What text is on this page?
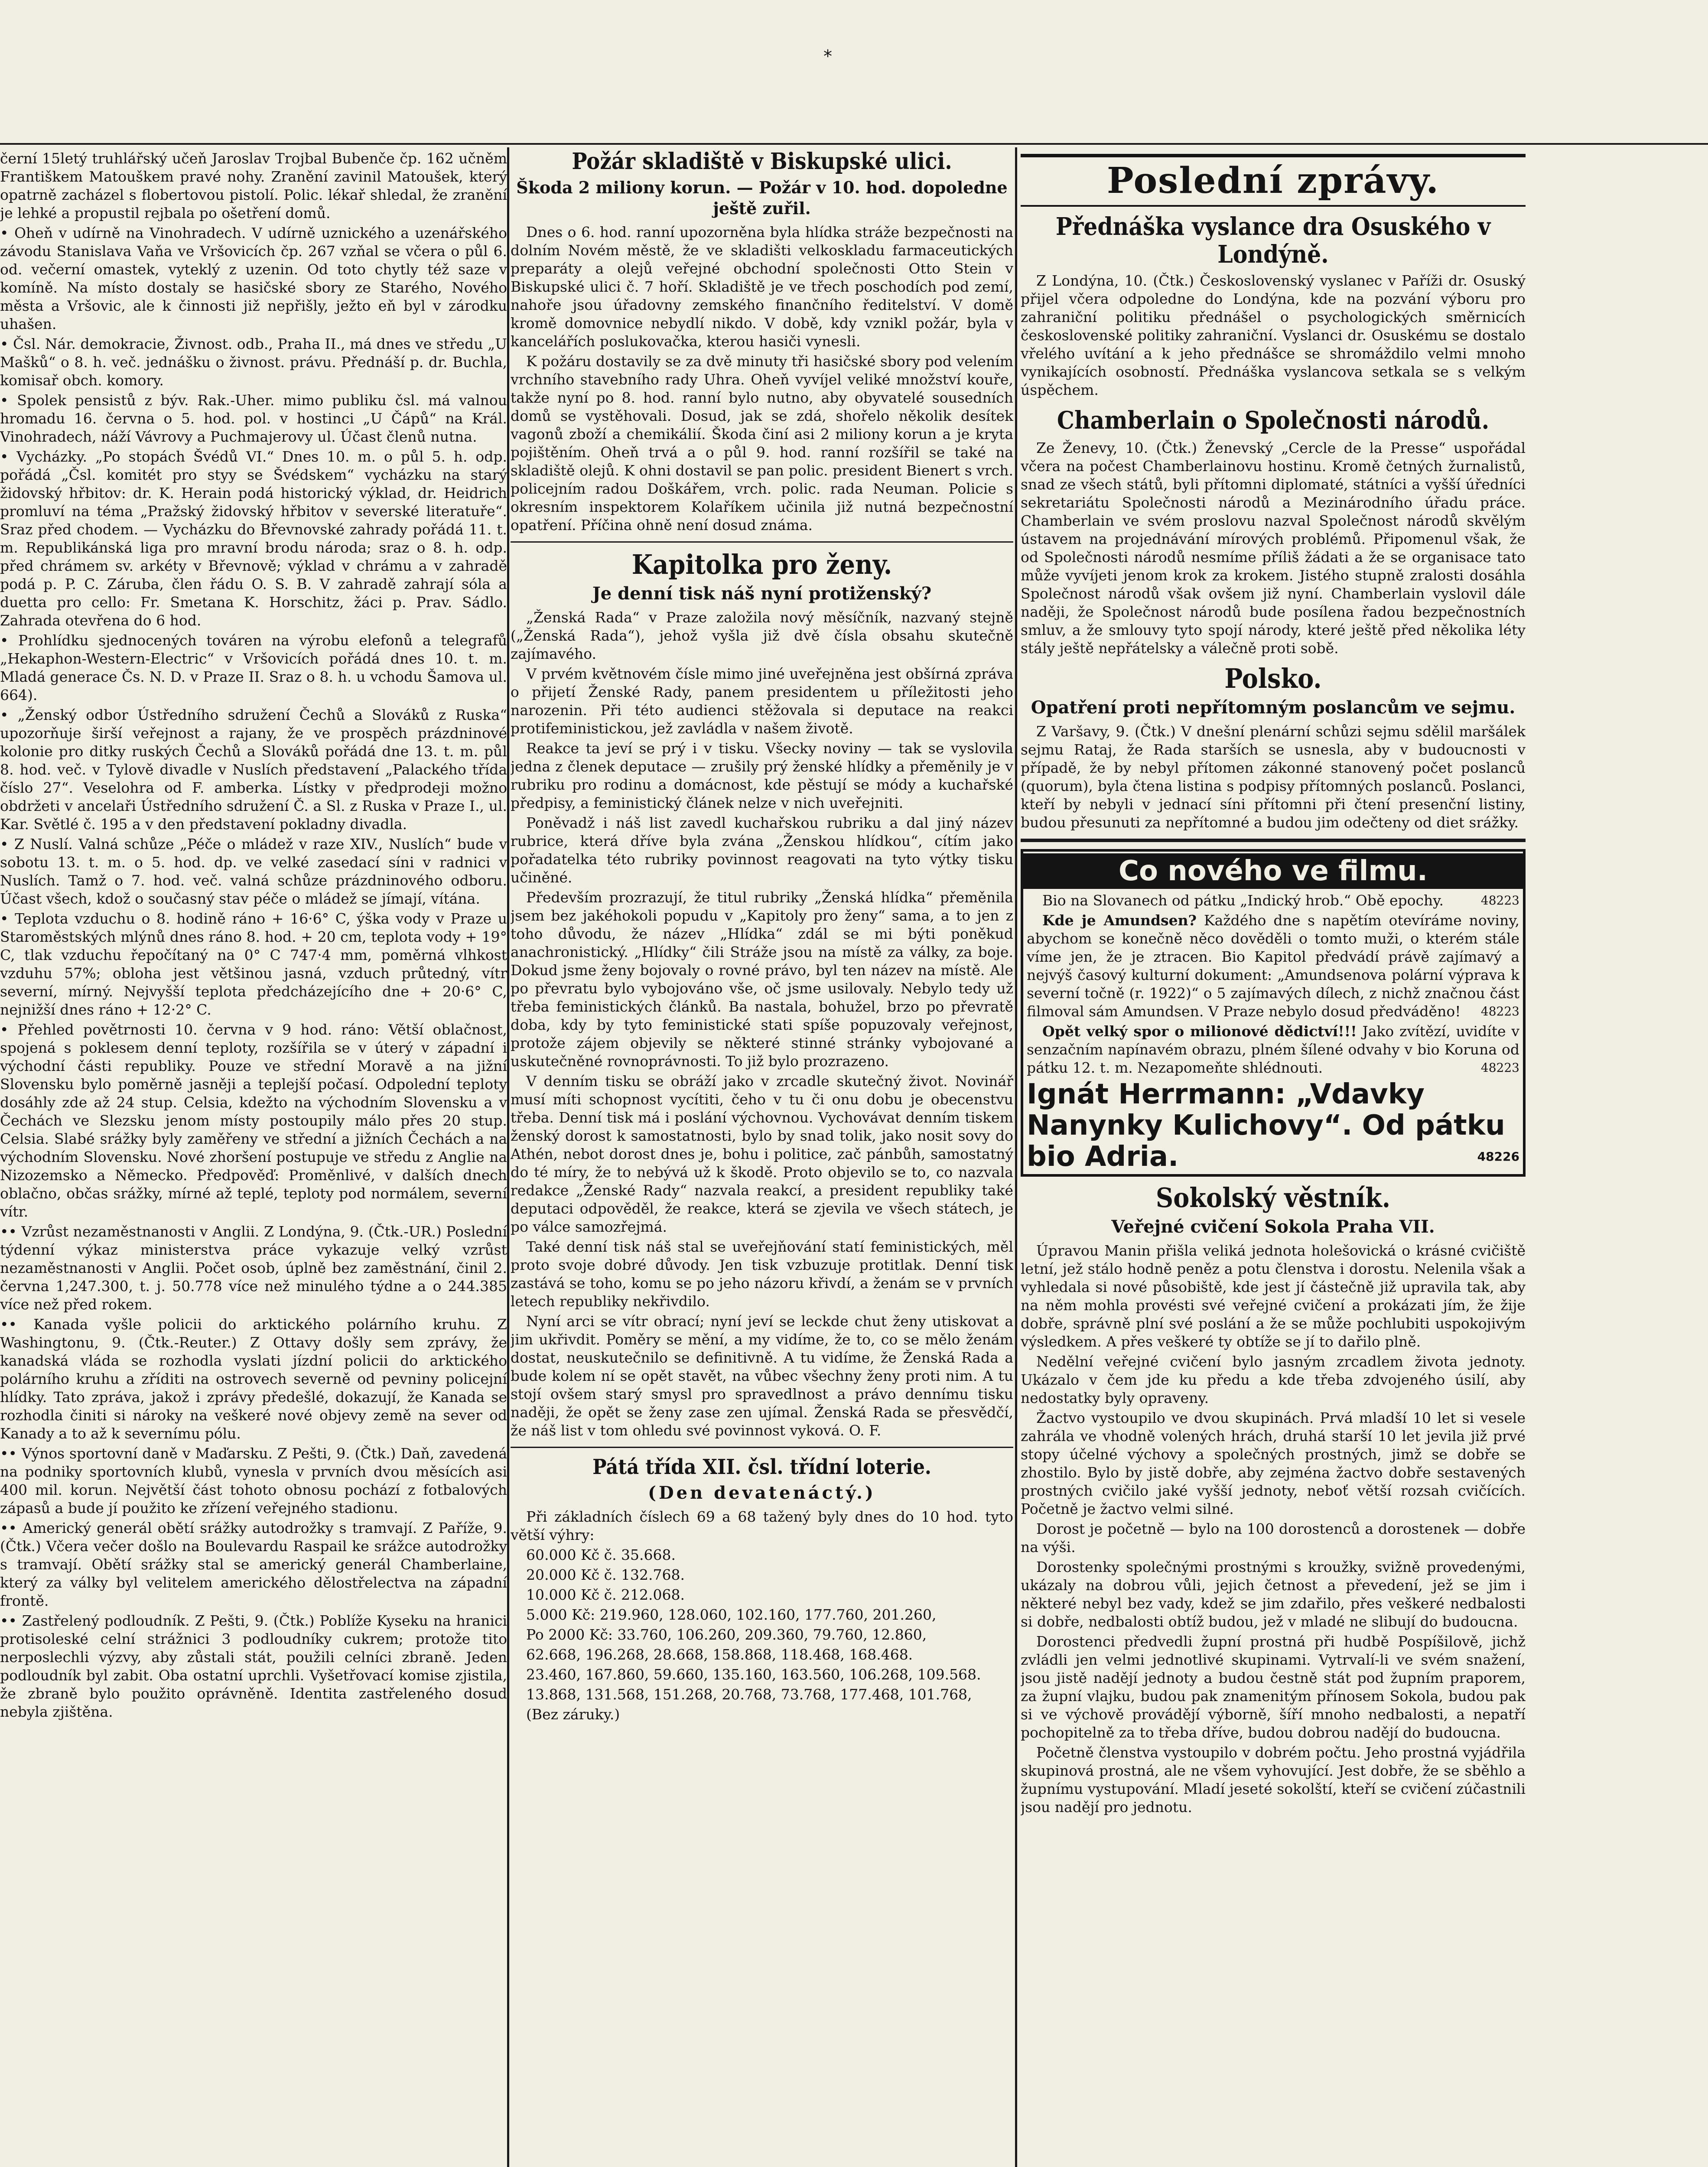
⁎

černí 15letý truhlářský učeň Jaroslav Trojbal Bubenče čp. 162 učněm Františkem Matouškem pravé nohy. Zranění zavinil Matoušek, který opatrně zacházel s flobertovou pistolí. Polic. lékař shledal, že zranění je lehké a propustil rejbala po ošetření domů.

• Oheň v udírně na Vinohradech. V udírně uznického a uzenářského závodu Stanislava Vaňa ve Vršovicích čp. 267 vzňal se včera o půl 6. od. večerní omastek, vyteklý z uzenin. Od toto chytly též saze v komíně. Na místo dostaly se hasičské sbory ze Starého, Nového města a Vršovic, ale k činnosti již nepřišly, ježto eň byl v zárodku uhašen.

• Čsl. Nár. demokracie, Živnost. odb., Praha II., má dnes ve středu „U Mašků“ o 8. h. več. jednášku o živnost. právu. Přednáší p. dr. Buchla, komisař obch. komory.

• Spolek pensistů z býv. Rak.-Uher. mimo publiku čsl. má valnou hromadu 16. června o 5. hod. pol. v hostinci „U Čápů“ na Král. Vinohradech, náží Vávrovy a Puchmajerovy ul. Účast členů nutna.

• Vycházky. „Po stopách Švédů VI.“ Dnes 10. m. o půl 5. h. odp. pořádá „Čsl. komitét pro styy se Švédskem“ vycházku na starý židovský hřbitov: dr. K. Herain podá historický výklad, dr. Heidrich promluví na téma „Pražský židovský hřbitov v severské literatuře“. Sraz před chodem. — Vycházku do Břevnovské zahrady pořádá 11. t. m. Republikánská liga pro mravní brodu národa; sraz o 8. h. odp. před chrámem sv. arkéty v Břevnově; výklad v chrámu a v zahradě podá p. P. C. Záruba, člen řádu O. S. B. V zahradě zahrají sóla a duetta pro cello: Fr. Smetana K. Horschitz, žáci p. Prav. Sádlo. Zahrada otevřena do 6 hod.

• Prohlídku sjednocených továren na výrobu elefonů a telegrafů „Hekaphon-Western-Electric“ v Vršovicích pořádá dnes 10. t. m. Mladá generace Čs. N. D. v Praze II. Sraz o 8. h. u vchodu Šamova ul. 664).

• „Ženský odbor Ústředního sdružení Čechů a Slováků z Ruska“ upozorňuje širší veřejnost a rajany, že ve prospěch prázdninové kolonie pro ditky ruských Čechů a Slováků pořádá dne 13. t. m. půl 8. hod. več. v Tylově divadle v Nuslích představení „Palackého třída číslo 27“. Veselohra od F. amberka. Lístky v předprodeji možno obdržeti v ancelaři Ústředního sdružení Č. a Sl. z Ruska v Praze I., ul. Kar. Světlé č. 195 a v den představení pokladny divadla.

• Z Nuslí. Valná schůze „Péče o mládež v raze XIV., Nuslích“ bude v sobotu 13. t. m. o 5. hod. dp. ve velké zasedací síni v radnici v Nuslích. Tamž o 7. hod. več. valná schůze prázdninového odboru. Účast všech, kdož o současný stav péče o mládež se jímají, vítána.

• Teplota vzduchu o 8. hodině ráno + 16·6° C, ýška vody v Praze u Staroměstských mlýnů dnes ráno 8. hod. + 20 cm, teplota vody + 19° C, tlak vzduchu řepočítaný na 0° C 747·4 mm, poměrná vlhkost vzduhu 57%; obloha jest většinou jasná, vzduch průtedný, vítr severní, mírný. Nejvyšší teplota předcházejícího dne + 20·6° C, nejnižší dnes ráno + 12·2° C.

• Přehled povětrnosti 10. června v 9 hod. ráno: Větší oblačnost, spojená s poklesem denní teploty, rozšířila se v úterý v západní i východní části republiky. Pouze ve střední Moravě a na jižní Slovensku bylo poměrně jasněji a teplejší počasí. Odpolední teploty dosáhly zde až 24 stup. Celsia, kdežto na východním Slovensku a v Čechách ve Slezsku jenom místy postoupily málo přes 20 stup. Celsia. Slabé srážky byly zaměřeny ve střední a jižních Čechách a na východním Slovensku. Nové zhoršení postupuje ve středu z Anglie na Nizozemsko a Německo. Předpověď: Proměnlivé, v dalších dnech oblačno, občas srážky, mírné až teplé, teploty pod normálem, severní vítr.

•• Vzrůst nezaměstnanosti v Anglii. Z Londýna, 9. (Čtk.-UR.) Poslední týdenní výkaz ministerstva práce vykazuje velký vzrůst nezaměstnanosti v Anglii. Počet osob, úplně bez zaměstnání, činil 2. června 1,247.300, t. j. 50.778 více než minulého týdne a o 244.385 více než před rokem.

•• Kanada vyšle policii do arktického polárního kruhu. Z Washingtonu, 9. (Čtk.-Reuter.) Z Ottavy došly sem zprávy, že kanadská vláda se rozhodla vyslati jízdní policii do arktického polárního kruhu a zříditi na ostrovech severně od pevniny policejní hlídky. Tato zpráva, jakož i zprávy předešlé, dokazují, že Kanada se rozhodla činiti si nároky na veškeré nové objevy země na sever od Kanady a to až k severnímu pólu.

•• Výnos sportovní daně v Maďarsku. Z Pešti, 9. (Čtk.) Daň, zavedená na podniky sportovních klubů, vynesla v prvních dvou měsících asi 400 mil. korun. Největší část tohoto obnosu pochází z fotbalových zápasů a bude jí použito ke zřízení veřejného stadionu.

•• Americký generál obětí srážky autodrožky s tramvají. Z Paříže, 9. (Čtk.) Včera večer došlo na Boulevardu Raspail ke srážce autodrožky s tramvají. Obětí srážky stal se americký generál Chamberlaine, který za války byl velitelem amerického dělostřelectva na západní frontě.

•• Zastřelený podloudník. Z Pešti, 9. (Čtk.) Poblíže Kyseku na hranici protisoleské celní strážnici 3 podloudníky cukrem; protože tito nerposlechli výzvy, aby zůstali stát, použili celníci zbraně. Jeden podloudník byl zabit. Oba ostatní uprchli. Vyšetřovací komise zjistila, že zbraně bylo použito oprávněně. Identita zastřeleného dosud nebyla zjištěna.

Požár skladiště v Biskupské ulici.
Škoda 2 miliony korun. — Požár v 10. hod. dopoledne ještě zuřil.

Dnes o 6. hod. ranní upozorněna byla hlídka stráže bezpečnosti na dolním Novém městě, že ve skladišti velkoskladu farmaceutických preparáty a olejů veřejné obchodní společnosti Otto Stein v Biskupské ulici č. 7 hoří. Skladiště je ve třech poschodích pod zemí, nahoře jsou úřadovny zemského finančního ředitelství. V domě kromě domovnice nebydlí nikdo. V době, kdy vznikl požár, byla v kancelářích poslukovačka, kterou hasiči vynesli.

K požáru dostavily se za dvě minuty tři hasičské sbory pod velením vrchního stavebního rady Uhra. Oheň vyvíjel veliké množství kouře, takže nyní po 8. hod. ranní bylo nutno, aby obyvatelé sousedních domů se vystěhovali. Dosud, jak se zdá, shořelo několik desítek vagonů zboží a chemikálií. Škoda činí asi 2 miliony korun a je kryta pojištěním. Oheň trvá a o půl 9. hod. ranní rozšířil se také na skladiště olejů. K ohni dostavil se pan polic. president Bienert s vrch. policejním radou Doškářem, vrch. polic. rada Neuman. Policie s okresním inspektorem Kolaříkem učinila již nutná bezpečnostní opatření. Příčina ohně není dosud známa.

Kapitolka pro ženy.
Je denní tisk náš nyní protiženský?

„Ženská Rada“ v Praze založila nový měsíčník, nazvaný stejně („Ženská Rada“), jehož vyšla již dvě čísla obsahu skutečně zajímavého.

V prvém květnovém čísle mimo jiné uveřejněna jest obšírná zpráva o přijetí Ženské Rady, panem presidentem u příležitosti jeho narozenin. Při této audienci stěžovala si deputace na reakci protifeministickou, jež zavládla v našem životě.

Reakce ta jeví se prý i v tisku. Všecky noviny — tak se vyslovila jedna z členek deputace — zrušily prý ženské hlídky a přeměnily je v rubriku pro rodinu a domácnost, kde pěstují se módy a kuchařské předpisy, a feministický článek nelze v nich uveřejniti.

Poněvadž i náš list zavedl kuchařskou rubriku a dal jiný název rubrice, která dříve byla zvána „Ženskou hlídkou“, cítím jako pořadatelka této rubriky povinnost reagovati na tyto výtky tisku učiněné.

Především prozrazují, že titul rubriky „Ženská hlídka“ přeměnila jsem bez jakéhokoli popudu v „Kapitoly pro ženy“ sama, a to jen z toho důvodu, že název „Hlídka“ zdál se mi býti poněkud anachronistický. „Hlídky“ čili Stráže jsou na místě za války, za boje. Dokud jsme ženy bojovaly o rovné právo, byl ten název na místě. Ale po převratu bylo vybojováno vše, oč jsme usilovaly. Nebylo tedy už třeba feministických článků. Ba nastala, bohužel, brzo po převratě doba, kdy by tyto feministické stati spíše popuzovaly veřejnost, protože zájem objevily se některé stinné stránky vybojované a uskutečněné rovnoprávnosti. To již bylo prozrazeno.

V denním tisku se obráží jako v zrcadle skutečný život. Novinář musí míti schopnost vycítiti, čeho v tu či onu dobu je obecenstvu třeba. Denní tisk má i poslání výchovnou. Vychovávat denním tiskem ženský dorost k samostatnosti, bylo by snad tolik, jako nosit sovy do Athén, nebot dorost dnes je, bohu i politice, zač pánbůh, samostatný do té míry, že to nebývá už k škodě. Proto objevilo se to, co nazvala redakce „Ženské Rady“ nazvala reakcí, a president republiky také deputaci odpověděl, že reakce, která se zjevila ve všech státech, je po válce samozřejmá.

Také denní tisk náš stal se uveřejňování statí feministických, měl proto svoje dobré důvody. Jen tisk vzbuzuje protitlak. Denní tisk zastává se toho, komu se po jeho názoru křivdí, a ženám se v prvních letech republiky nekřivdilo.

Nyní arci se vítr obrací; nyní jeví se leckde chut ženy utiskovat a jim ukřivdit. Poměry se mění, a my vidíme, že to, co se mělo ženám dostat, neuskutečnilo se definitivně. A tu vidíme, že Ženská Rada a bude kolem ní se opět stavět, na vůbec všechny ženy proti nim. A tu stojí ovšem starý smysl pro spravedlnost a právo dennímu tisku naději, že opět se ženy zase zen ujímal. Ženská Rada se přesvědčí, že náš list v tom ohledu své povinnost vyková. O. F.

Pátá třída XII. čsl. třídní loterie.
(Den devatenáctý.)

Při základních číslech 69 a 68 tažený byly dnes do 10 hod. tyto větší výhry:

60.000 Kč č. 35.668.

20.000 Kč č. 132.768.

10.000 Kč č. 212.068.

5.000 Kč: 219.960, 128.060, 102.160, 177.760, 201.260,

Po 2000 Kč: 33.760, 106.260, 209.360, 79.760, 12.860,

62.668, 196.268, 28.668, 158.868, 118.468, 168.468.

23.460, 167.860, 59.660, 135.160, 163.560, 106.268, 109.568.

13.868, 131.568, 151.268, 20.768, 73.768, 177.468, 101.768,

(Bez záruky.)

Poslední zprávy.
Přednáška vyslance dra Osuského v Londýně.

Z Londýna, 10. (Čtk.) Československý vyslanec v Paříži dr. Osuský přijel včera odpoledne do Londýna, kde na pozvání výboru pro zahraniční politiku přednášel o psychologických směrnicích československé politiky zahraniční. Vyslanci dr. Osuskému se dostalo vřelého uvítání a k jeho přednášce se shromáždilo velmi mnoho vynikajících osobností. Přednáška vyslancova setkala se s velkým úspěchem.

Chamberlain o Společnosti národů.

Ze Ženevy, 10. (Čtk.) Ženevský „Cercle de la Presse“ uspořádal včera na počest Chamberlainovu hostinu. Kromě četných žurnalistů, snad ze všech států, byli přítomni diplomaté, státníci a vyšší úředníci sekretariátu Společnosti národů a Mezinárodního úřadu práce. Chamberlain ve svém proslovu nazval Společnost národů skvělým ústavem na projednávání mírových problémů. Připomenul však, že od Společnosti národů nesmíme příliš žádati a že se organisace tato může vyvíjeti jenom krok za krokem. Jistého stupně zralosti dosáhla Společnost národů však ovšem již nyní. Chamberlain vyslovil dále naději, že Společnost národů bude posílena řadou bezpečnostních smluv, a že smlouvy tyto spojí národy, které ještě před několika léty stály ještě nepřátelsky a válečně proti sobě.

Polsko.
Opatření proti nepřítomným poslancům ve sejmu.

Z Varšavy, 9. (Čtk.) V dnešní plenární schůzi sejmu sdělil maršálek sejmu Rataj, že Rada starších se usnesla, aby v budoucnosti v případě, že by nebyl přítomen zákonné stanovený počet poslanců (quorum), byla čtena listina s podpisy přítomných poslanců. Poslanci, kteří by nebyli v jednací síni přítomni při čtení presenční listiny, budou přesunuti za nepřítomné a budou jim odečteny od diet srážky.

Co nového ve filmu.

Bio na Slovanech od pátku „Indický hrob.“ Obě epochy.	48223

Kde je Amundsen? Každého dne s napětím otevíráme noviny, abychom se konečně něco dověděli o tomto muži, o kterém stále víme jen, že je ztracen. Bio Kapitol předvádí právě zajímavý a nejvýš časový kulturní dokument: „Amundsenova polární výprava k severní točně (r. 1922)“ o 5 zajímavých dílech, z nichž značnou část filmoval sám Amundsen. V Praze nebylo dosud předváděno!	48223

Opět velký spor o milionové dědictví!!! Jako zvítězí, uvidíte v senzačním napínavém obrazu, plném šílené odvahy v bio Koruna od pátku 12. t. m. Nezapomeňte shlédnouti.	48223

Ignát Herrmann: „Vdavky Nanynky Kulichovy“. Od pátku bio Adria.	48226
Sokolský věstník.
Veřejné cvičení Sokola Praha VII.

Úpravou Manin přišla veliká jednota holešovická o krásné cvičiště letní, jež stálo hodně peněz a potu členstva i dorostu. Nelenila však a vyhledala si nové působiště, kde jest jí částečně již upravila tak, aby na něm mohla provésti své veřejné cvičení a prokázati jím, že žije dobře, správně plní své poslání a že se může pochlubiti uspokojivým výsledkem. A přes veškeré ty obtíže se jí to dařilo plně.

Nedělní veřejné cvičení bylo jasným zrcadlem života jednoty. Ukázalo v čem jde ku předu a kde třeba zdvojeného úsilí, aby nedostatky byly opraveny.

Žactvo vystoupilo ve dvou skupinách. Prvá mladší 10 let si vesele zahrála ve vhodně volených hrách, druhá starší 10 let jevila již prvé stopy účelné výchovy a společných prostných, jimž se dobře se zhostilo. Bylo by jistě dobře, aby zejména žactvo dobře sestavených prostných cvičilo jaké vyšší jednoty, neboť větší rozsah cvičících. Početně je žactvo velmi silné.

Dorost je početně — bylo na 100 dorostenců a dorostenek — dobře na výši.

Dorostenky společnými prostnými s kroužky, svižně provedenými, ukázaly na dobrou vůli, jejich četnost a převedení, jež se jim i některé nebyl bez vady, kdež se jim zdařilo, přes veškeré nedbalosti si dobře, nedbalosti obtíž budou, jež v mladé ne slibují do budoucna.

Dorostenci předvedli župní prostná při hudbě Pospíšilově, jichž zvládli jen velmi jednotlivé skupinami. Vytrvalí-li ve svém snažení, jsou jistě nadějí jednoty a budou čestně stát pod župním praporem, za župní vlajku, budou pak znamenitým přínosem Sokola, budou pak si ve výchově provádějí výborně, šíří mnoho nedbalosti, a nepatří pochopitelně za to třeba dříve, budou dobrou nadějí do budoucna.

Početně členstva vystoupilo v dobrém počtu. Jeho prostná vyjádřila skupinová prostná, ale ne všem vyhovující. Jest dobře, že se sběhlo a župnímu vystupování. Mladí jeseté sokolští, kteří se cvičení zúčastnili jsou nadějí pro jednotu.
